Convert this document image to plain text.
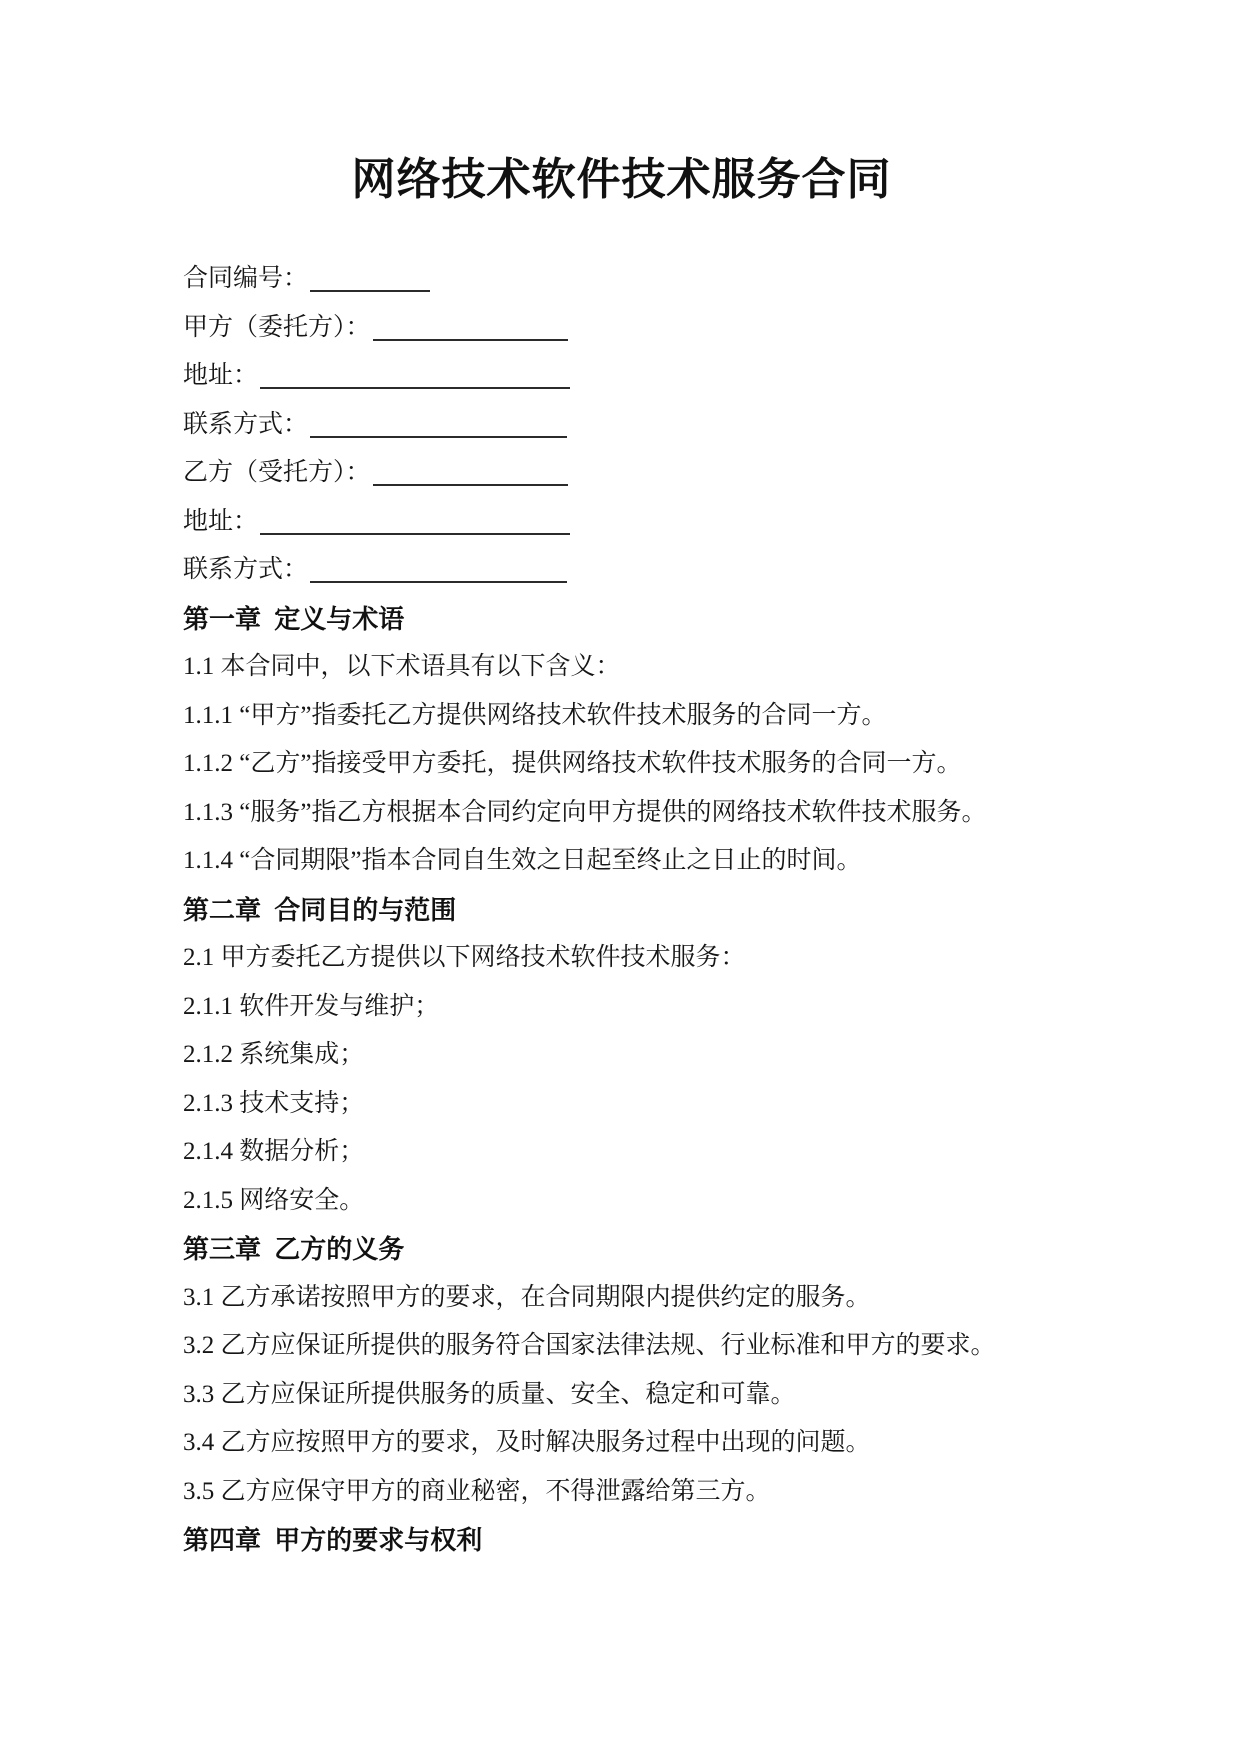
网络技术软件技术服务合同

合同编号：

甲方（委托方）：

地址：

联系方式：

乙方（受托方）：

地址：

联系方式：

第一章 定义与术语

1.1 本合同中，以下术语具有以下含义：

1.1.1 “甲方”指委托乙方提供网络技术软件技术服务的合同一方。

1.1.2 “乙方”指接受甲方委托，提供网络技术软件技术服务的合同一方。

1.1.3 “服务”指乙方根据本合同约定向甲方提供的网络技术软件技术服务。

1.1.4 “合同期限”指本合同自生效之日起至终止之日止的时间。

第二章 合同目的与范围

2.1 甲方委托乙方提供以下网络技术软件技术服务：

2.1.1 软件开发与维护；

2.1.2 系统集成；

2.1.3 技术支持；

2.1.4 数据分析；

2.1.5 网络安全。

第三章 乙方的义务

3.1 乙方承诺按照甲方的要求，在合同期限内提供约定的服务。

3.2 乙方应保证所提供的服务符合国家法律法规、行业标准和甲方的要求。

3.3 乙方应保证所提供服务的质量、安全、稳定和可靠。

3.4 乙方应按照甲方的要求，及时解决服务过程中出现的问题。

3.5 乙方应保守甲方的商业秘密，不得泄露给第三方。

第四章 甲方的要求与权利
